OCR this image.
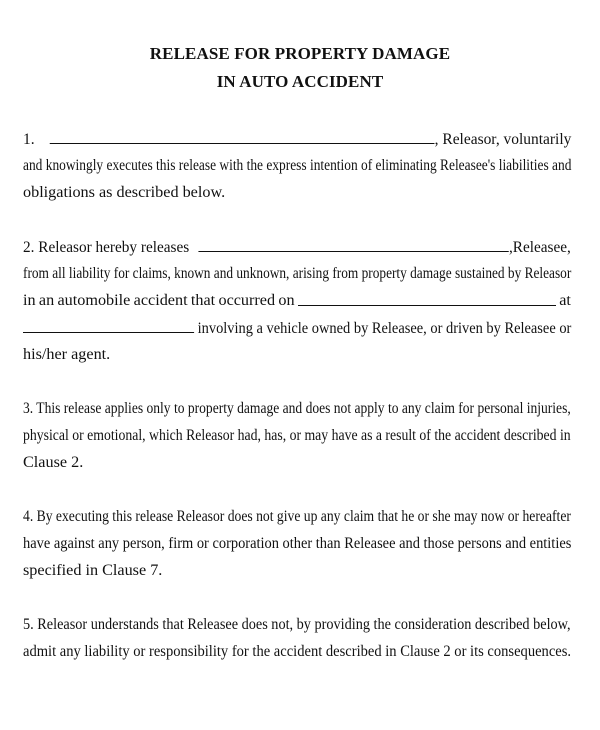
RELEASE FOR PROPERTY DAMAGE
IN AUTO ACCIDENT
1.	, Releasor, voluntarily
and knowingly executes this release with the express intention of eliminating Releasee's liabilities and
obligations as described below.
2. Releasor hereby releases	,Releasee,
from all liability for claims, known and unknown, arising from property damage sustained by Releasor
in an automobile accident that occurred on	at
involving a vehicle owned by Releasee, or driven by Releasee or
his/her agent.
3. This release applies only to property damage and does not apply to any claim for personal injuries,
physical or emotional, which Releasor had, has, or may have as a result of the accident described in
Clause 2.
4. By executing this release Releasor does not give up any claim that he or she may now or hereafter
have against any person, firm or corporation other than Releasee and those persons and entities
specified in Clause 7.
5. Releasor understands that Releasee does not, by providing the consideration described below,
admit any liability or responsibility for the accident described in Clause 2 or its consequences.
